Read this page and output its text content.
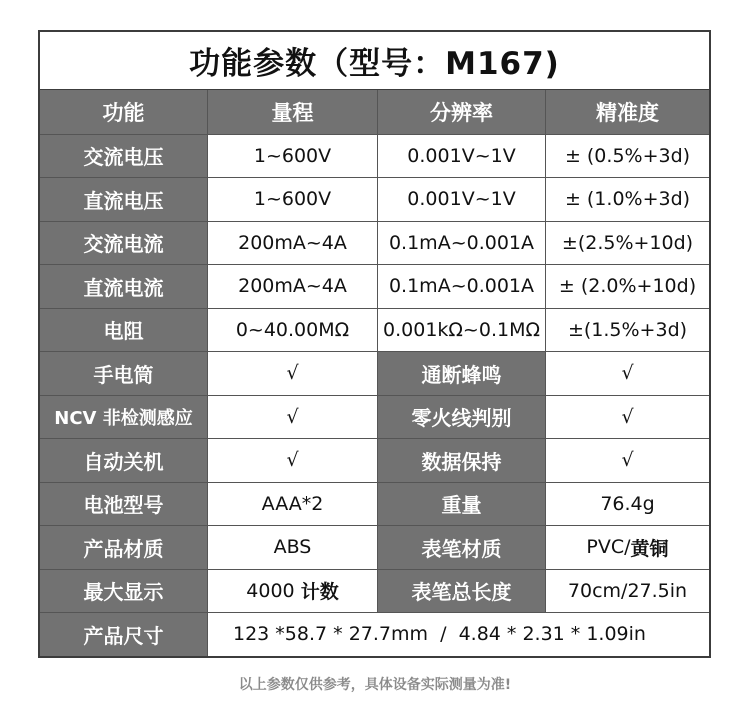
功能参数（型号：M167)
功能	量程	分辨率	精准度
交流电压	1~600V	0.001V~1V	± (0.5%+3d)
直流电压	1~600V	0.001V~1V	± (1.0%+3d)
交流电流	200mA~4A	0.1mA~0.001A	±(2.5%+10d)
直流电流	200mA~4A	0.1mA~0.001A	± (2.0%+10d)
电阻	0~40.00MΩ	0.001kΩ~0.1MΩ	±(1.5%+3d)
手电筒	√	通断蜂鸣	√
NCV 非检测感应	√	零火线判别	√
自动关机	√	数据保持	√
电池型号	AAA*2	重量	76.4g
产品材质	ABS	表笔材质	PVC/ 黄铜
最大显示	4000 计数	表笔总长度	70cm/27.5in
产品尺寸	123 *58.7 * 27.7mm  /  4.84 * 2.31 * 1.09in
以上参数仅供参考，具体设备实际测量为准!
